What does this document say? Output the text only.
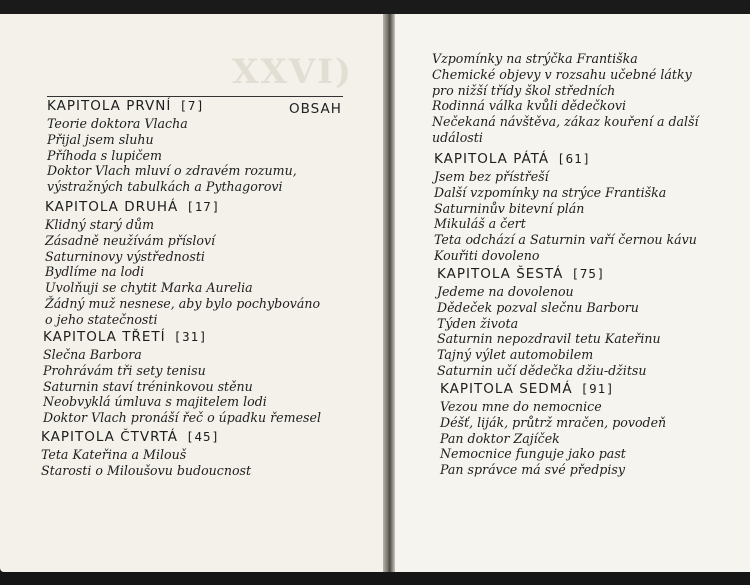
XXVI)
OBSAH
KAPITOLA PRVNÍ [7]
Teorie doktora Vlacha
Přijal jsem sluhu
Příhoda s lupičem
Doktor Vlach mluví o zdravém rozumu,
výstražných tabulkách a Pythagorovi
KAPITOLA DRUHÁ [17]
Klidný starý dům
Zásadně neužívám přísloví
Saturninovy výstřednosti
Bydlíme na lodi
Uvolňuji se chytit Marka Aurelia
Žádný muž nesnese, aby bylo pochybováno
o jeho statečnosti
KAPITOLA TŘETÍ [31]
Slečna Barbora
Prohrávám tři sety tenisu
Saturnin staví tréninkovou stěnu
Neobvyklá úmluva s majitelem lodi
Doktor Vlach pronáší řeč o úpadku řemesel
KAPITOLA ČTVRTÁ [45]
Teta Kateřina a Milouš
Starosti o Miloušovu budoucnost
Vzpomínky na strýčka Františka
Chemické objevy v rozsahu učebné látky
pro nižší třídy škol středních
Rodinná válka kvůli dědečkovi
Nečekaná návštěva, zákaz kouření a další
události
KAPITOLA PÁTÁ [61]
Jsem bez přístřeší
Další vzpomínky na strýce Františka
Saturninův bitevní plán
Mikuláš a čert
Teta odchází a Saturnin vaří černou kávu
Kouřiti dovoleno
KAPITOLA ŠESTÁ [75]
Jedeme na dovolenou
Dědeček pozval slečnu Barboru
Týden života
Saturnin nepozdravil tetu Kateřinu
Tajný výlet automobilem
Saturnin učí dědečka džiu-džitsu
KAPITOLA SEDMÁ [91]
Vezou mne do nemocnice
Déšť, liják, průtrž mračen, povodeň
Pan doktor Zajíček
Nemocnice funguje jako past
Pan správce má své předpisy
